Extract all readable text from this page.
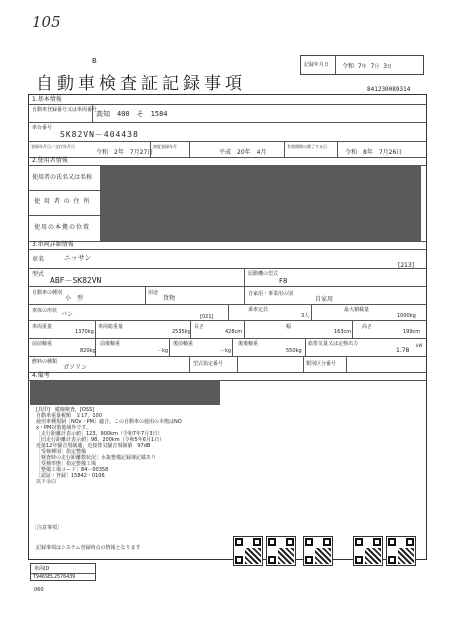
105
B
自動車検査証記録事項
記録年月日 令和 7年 7月 3日
841230089314
1.基本情報
自動車登録番号又は車両番号
高知　400　そ　1584
車台番号
SK82VN－404438
登録年月日／交付年月日
令和　2年　7月27日
初度登録年月
平成　20年　4月
有効期間の満了する日
令和　8年　7月26日
2.使用者情報
使用者の氏名又は名称
使 用 者 の 住 所
使用の本拠の位置
3.車両詳細情報
車名	ニッサン
[213]
型式
ABF－SK82VN
原動機の型式
F8
自動車の種別
小　型
用途
貨物
自家用・事業用の別
自家用
車体の形状 バン	[021]
乗車定員
3人
最大積載量
1000kg
車両重量
1370kg
車両総重量
2535kg
長さ
428cm
幅
163cm
高さ
199cm
前前軸重
820kg
前後軸重
－kg
後前軸重
－kg
後後軸重
550kg
総排気量又は定格出力
1.78
kW
燃料の種類
ガソリン	型式指定番号	類別区分番号
4.備考
[具印]　縦線検査，[OSS]
自動車重量税額　￥17，100
使用車種規制［NOx・PM］適合。この自動車の使用の本拠はNO
x・PM対策地域外です。
［走行距離計表示値］123，900km（令和7年7月3日）
［旧走行距離計表示値］98，200km（令和5年6月1日）
近接12年騒音規制適，近接排気騒音規制値　97dB
［受検種別］指定整備
［検査時の走行距離数状況］水抜整備記録簿記載あり
［受検形態］指定整備工場
［整備工場コード］84－00358
［認証・登録］15842・0106
以下余白
［注意事項］
記録事項はシステム登録時点の情報となります
車両ID
T946SEL2576439
060
